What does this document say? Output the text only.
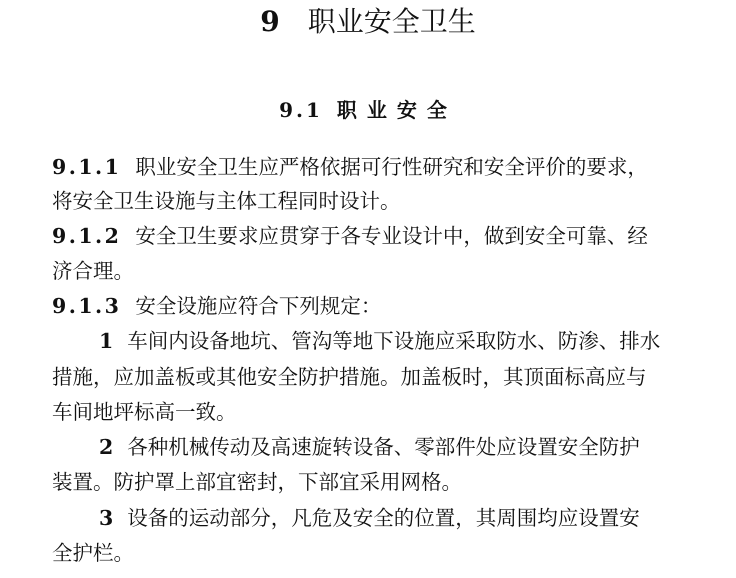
9 职业安全卫生
9.1 职业安全
9.1.1 职业安全卫生应严格依据可行性研究和安全评价的要求，
将安全卫生设施与主体工程同时设计。
9.1.2 安全卫生要求应贯穿于各专业设计中，做到安全可靠、经
济合理。
9.1.3 安全设施应符合下列规定：
1 车间内设备地坑、管沟等地下设施应采取防水、防渗、排水
措施，应加盖板或其他安全防护措施。加盖板时，其顶面标高应与
车间地坪标高一致。
2 各种机械传动及高速旋转设备、零部件处应设置安全防护
装置。防护罩上部宜密封，下部宜采用网格。
3 设备的运动部分，凡危及安全的位置，其周围均应设置安
全护栏。
